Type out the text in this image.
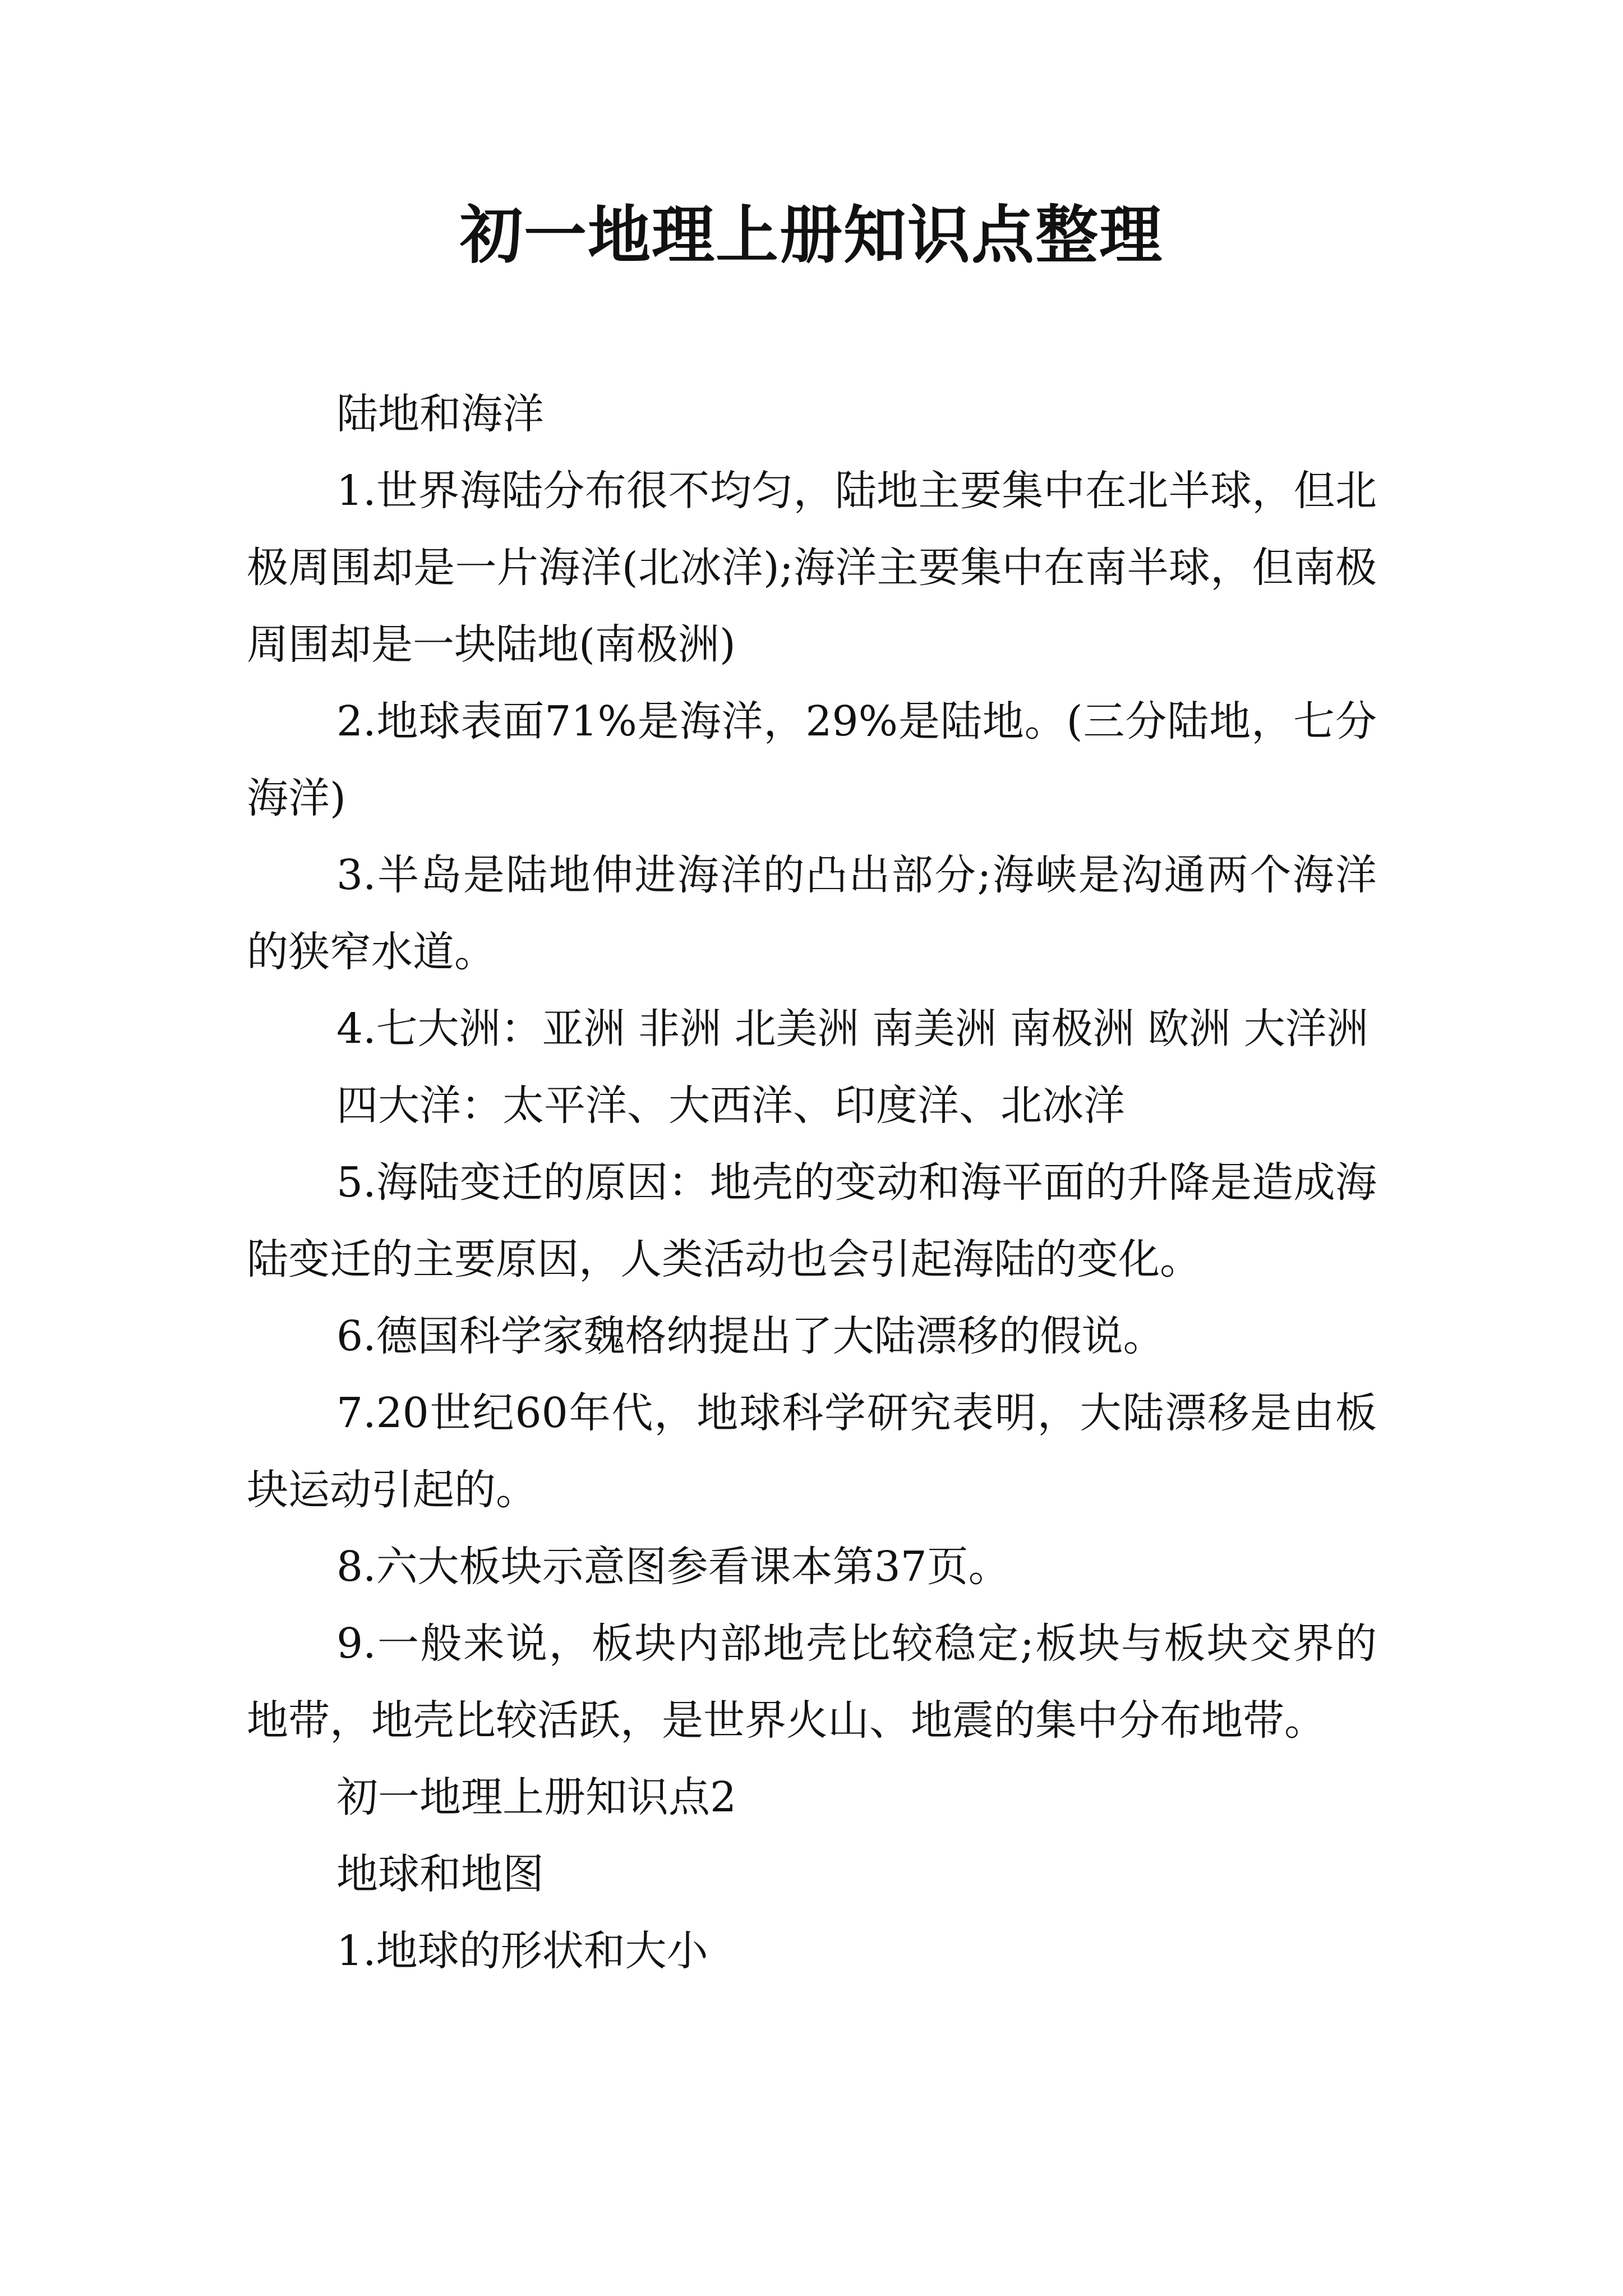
初一地理上册知识点整理

陆地和海洋

1.世界海陆分布很不均匀，陆地主要集中在北半球，但北极周围却是一片海洋(北冰洋);海洋主要集中在南半球，但南极周围却是一块陆地(南极洲)

2.地球表面71%是海洋，29%是陆地。(三分陆地，七分海洋)

3.半岛是陆地伸进海洋的凸出部分;海峡是沟通两个海洋的狭窄水道。

4.七大洲：亚洲 非洲 北美洲 南美洲 南极洲 欧洲 大洋洲

四大洋：太平洋、大西洋、印度洋、北冰洋

5.海陆变迁的原因：地壳的变动和海平面的升降是造成海陆变迁的主要原因，人类活动也会引起海陆的变化。

6.德国科学家魏格纳提出了大陆漂移的假说。

7.20世纪60年代，地球科学研究表明，大陆漂移是由板块运动引起的。

8.六大板块示意图参看课本第37页。

9.一般来说，板块内部地壳比较稳定;板块与板块交界的地带，地壳比较活跃，是世界火山、地震的集中分布地带。

初一地理上册知识点2

地球和地图

1.地球的形状和大小
